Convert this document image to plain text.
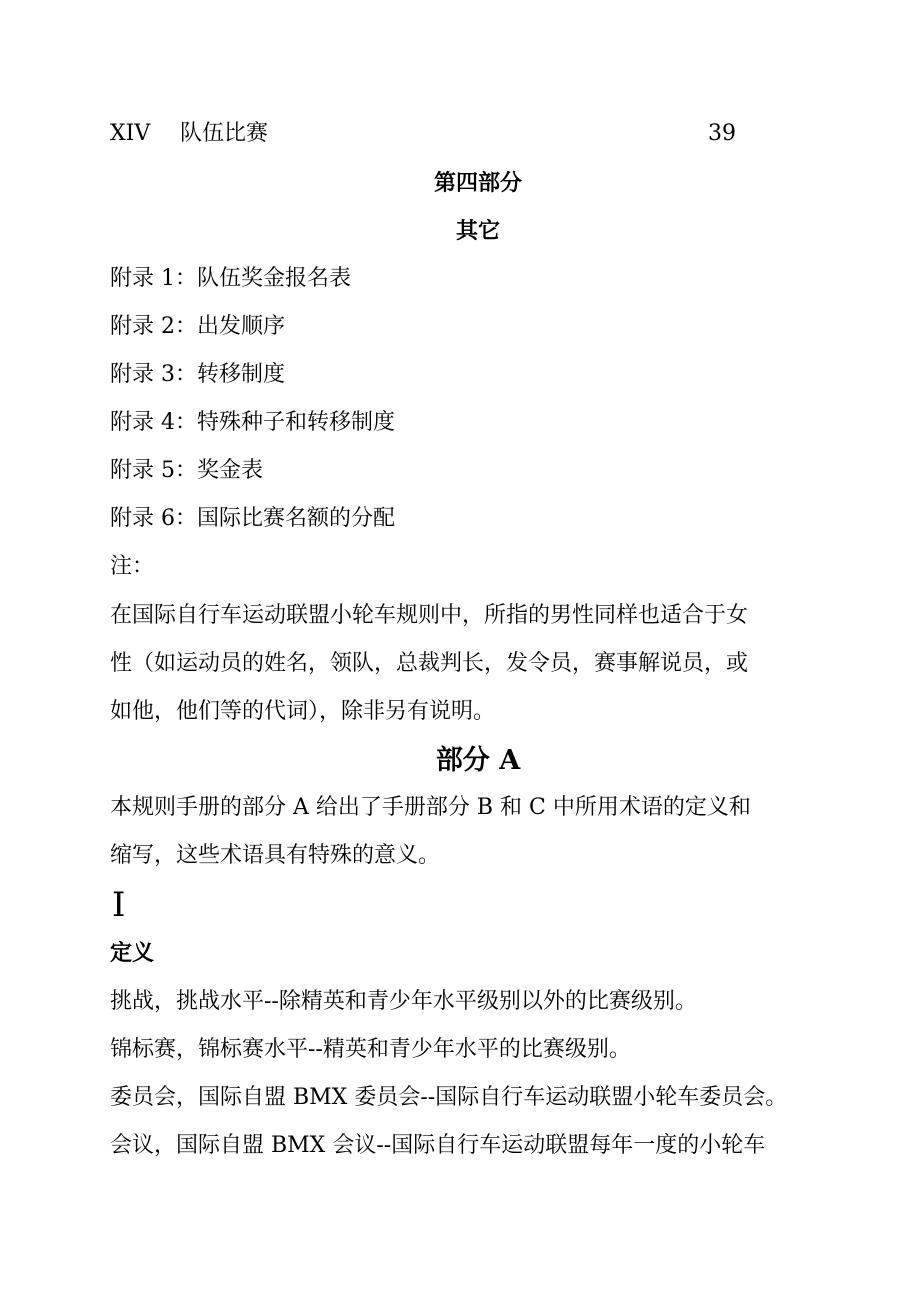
XIV 队伍比赛	39
第四部分
其它
附录 1：队伍奖金报名表
附录 2：出发顺序
附录 3：转移制度
附录 4：特殊种子和转移制度
附录 5：奖金表
附录 6：国际比赛名额的分配
注：
在国际自行车运动联盟小轮车规则中，所指的男性同样也适合于女
性（如运动员的姓名，领队，总裁判长，发令员，赛事解说员，或
如他，他们等的代词），除非另有说明。
部分 A
本规则手册的部分 A 给出了手册部分 B 和 C 中所用术语的定义和
缩写，这些术语具有特殊的意义。
I
定义
挑战，挑战水平--除精英和青少年水平级别以外的比赛级别。
锦标赛，锦标赛水平--精英和青少年水平的比赛级别。
委员会，国际自盟 BMX 委员会--国际自行车运动联盟小轮车委员会。
会议，国际自盟 BMX 会议--国际自行车运动联盟每年一度的小轮车
